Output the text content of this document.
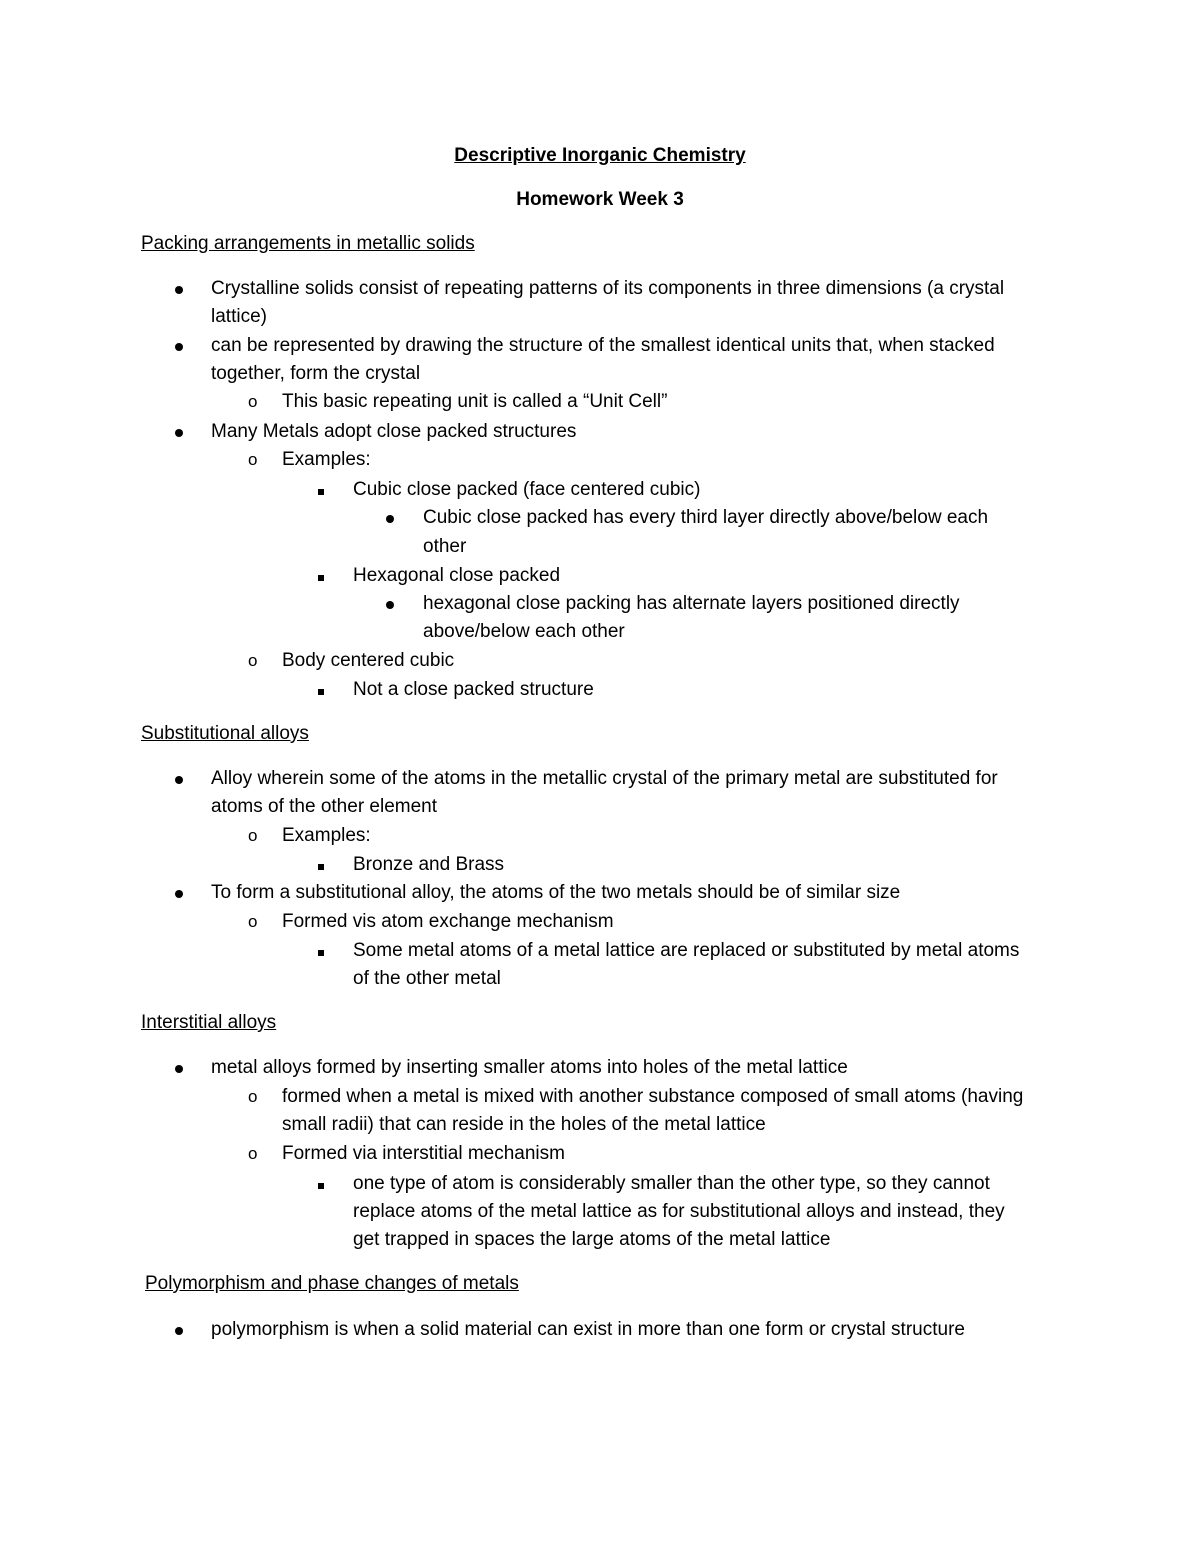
Descriptive Inorganic Chemistry
Homework Week 3
Packing arrangements in metallic solids
Crystalline solids consist of repeating patterns of its components in three dimensions (a crystal
lattice)
can be represented by drawing the structure of the smallest identical units that, when stacked
together, form the crystal
o This basic repeating unit is called a “Unit Cell”
Many Metals adopt close packed structures
o Examples:
Cubic close packed (face centered cubic)
Cubic close packed has every third layer directly above/below each
other
Hexagonal close packed
hexagonal close packing has alternate layers positioned directly
above/below each other
o Body centered cubic
Not a close packed structure
Substitutional alloys
Alloy wherein some of the atoms in the metallic crystal of the primary metal are substituted for
atoms of the other element
o Examples:
Bronze and Brass
To form a substitutional alloy, the atoms of the two metals should be of similar size
o Formed vis atom exchange mechanism
Some metal atoms of a metal lattice are replaced or substituted by metal atoms
of the other metal
Interstitial alloys
metal alloys formed by inserting smaller atoms into holes of the metal lattice
o formed when a metal is mixed with another substance composed of small atoms (having
small radii) that can reside in the holes of the metal lattice
o Formed via interstitial mechanism
one type of atom is considerably smaller than the other type, so they cannot
replace atoms of the metal lattice as for substitutional alloys and instead, they
get trapped in spaces the large atoms of the metal lattice
Polymorphism and phase changes of metals
polymorphism is when a solid material can exist in more than one form or crystal structure
